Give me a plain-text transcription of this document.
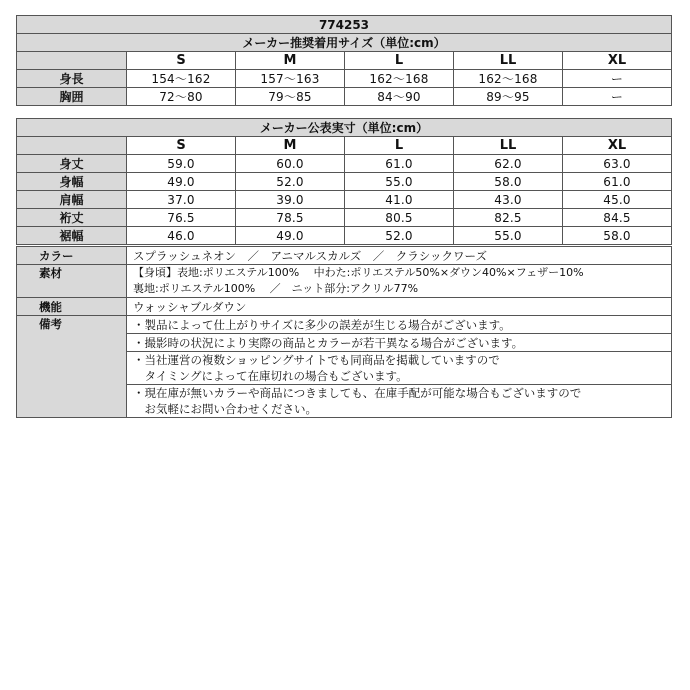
774253					
メーカー推奨着用サイズ（単位:cm）					
	S	M	L	LL	XL
身長	154～162	157～163	162～168	162～168	ー
胸囲	72～80	79～85	84～90	89～95	ー
メーカー公表実寸（単位:cm）					
	S	M	L	LL	XL
身丈	59.0	60.0	61.0	62.0	63.0
身幅	49.0	52.0	55.0	58.0	61.0
肩幅	37.0	39.0	41.0	43.0	45.0
裄丈	76.5	78.5	80.5	82.5	84.5
裾幅	46.0	49.0	52.0	55.0	58.0
カラー	スプラッシュネオン　／　アニマルスカルズ　／　クラシックワーズ
素材	【身頃】表地:ポリエステル100%　 中わた:ポリエステル50%×ダウン40%×フェザー10%
裏地:ポリエステル100%　 ／　ニット部分:アクリル77%

機能	ウォッシャブルダウン
備考	・製品によって仕上がりサイズに多少の誤差が生じる場合がございます。
	・撮影時の状況により実際の商品とカラーが若干異なる場合がございます。

	・当社運営の複数ショッピングサイトでも同商品を掲載していますので
　タイミングによって在庫切れの場合もございます。

	・現在庫が無いカラーや商品につきましても、在庫手配が可能な場合もございますので
　お気軽にお問い合わせください。
